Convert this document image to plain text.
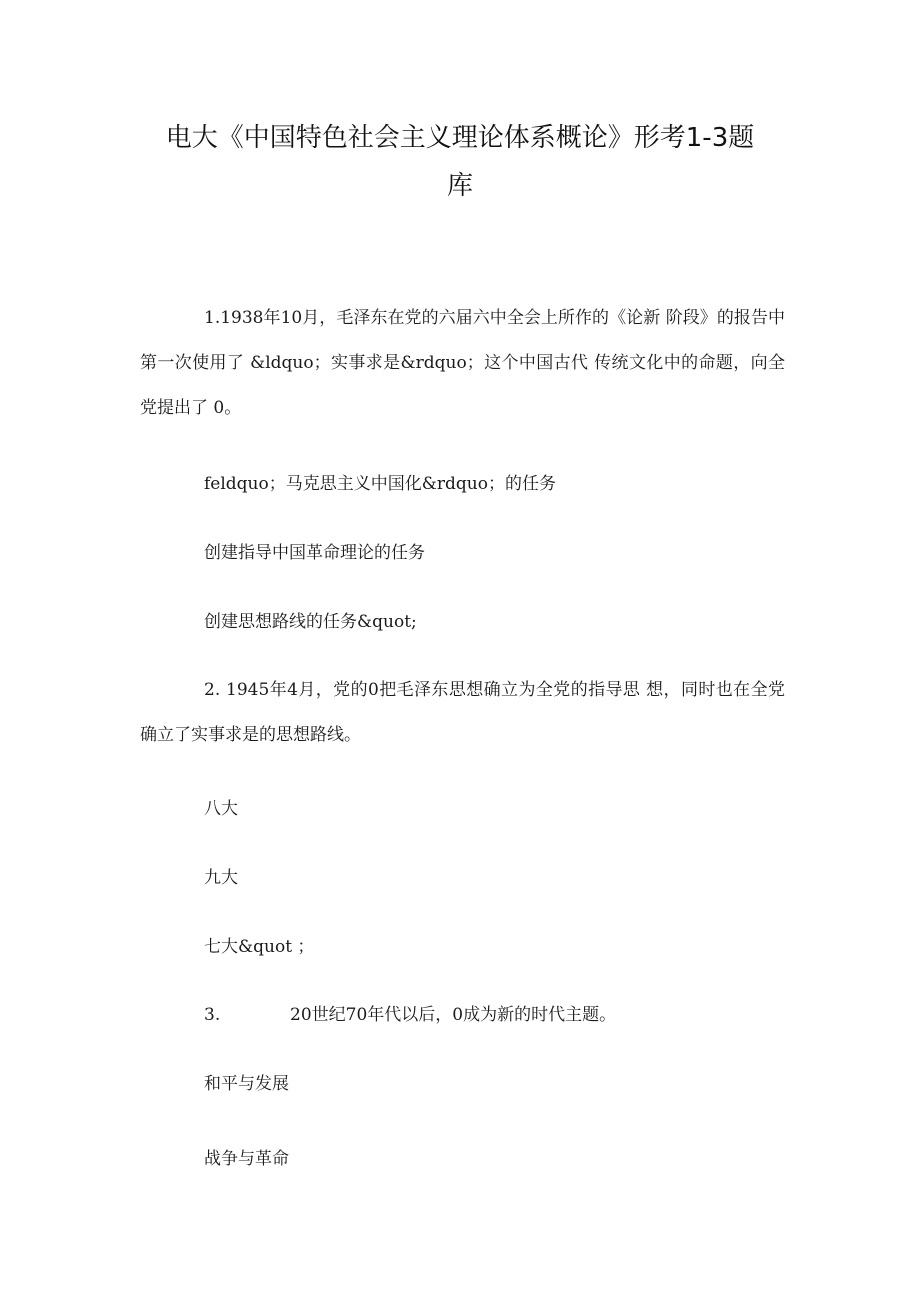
电大《中国特色社会主义理论体系概论》形考1-3题
库

1.1938年10月，毛泽东在党的六届六中全会上所作的《论新 阶段》的报告中第一次使用了 &ldquo；实事求是&rdquo；这个中国古代 传统文化中的命题，向全党提出了 0。

feldquo；马克思主义中国化&rdquo；的任务

创建指导中国革命理论的任务

创建思想路线的任务&quot;

2. 1945年4月，党的0把毛泽东思想确立为全党的指导思 想，同时也在全党确立了实事求是的思想路线。

八大

九大

七大&quot ；

3.	20世纪70年代以后，0成为新的时代主题。

和平与发展

战争与革命
